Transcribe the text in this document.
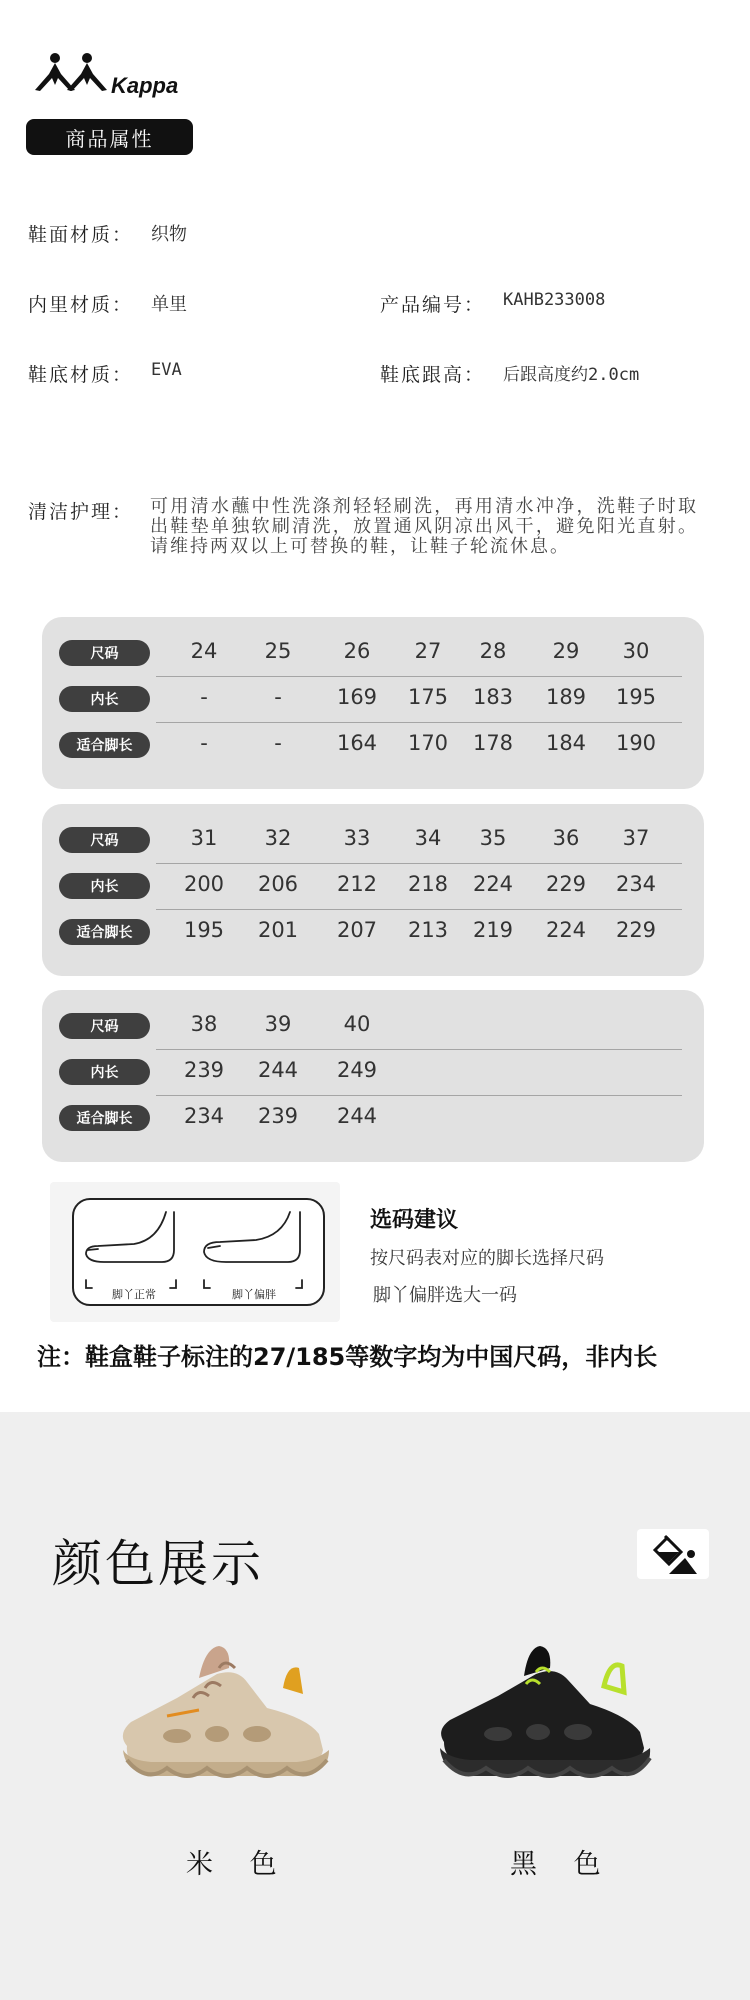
Kappa
商品属性
鞋面材质： 织物
内里材质： 单里	产品编号： KAHB233008
鞋底材质： EVA	鞋底跟高： 后跟高度约2.0cm
清洁护理： 可用清水蘸中性洗涤剂轻轻刷洗，再用清水冲净，洗鞋子时取出鞋垫单独软刷清洗，放置通风阴凉出风干，避免阳光直射。请维持两双以上可替换的鞋，让鞋子轮流休息。
尺码	24	25	26	27	28	29	30
内长	-	-	169	175	183	189	195
适合脚长	-	-	164	170	178	184	190
尺码	31	32	33	34	35	36	37
内长	200	206	212	218	224	229	234
适合脚长	195	201	207	213	219	224	229
尺码	38	39	40
内长	239	244	249
适合脚长	234	239	244
脚丫正常	脚丫偏胖
选码建议
按尺码表对应的脚长选择尺码
脚丫偏胖选大一码
注：鞋盒鞋子标注的27/185等数字均为中国尺码，非内长
颜色展示
米 色	黑 色
